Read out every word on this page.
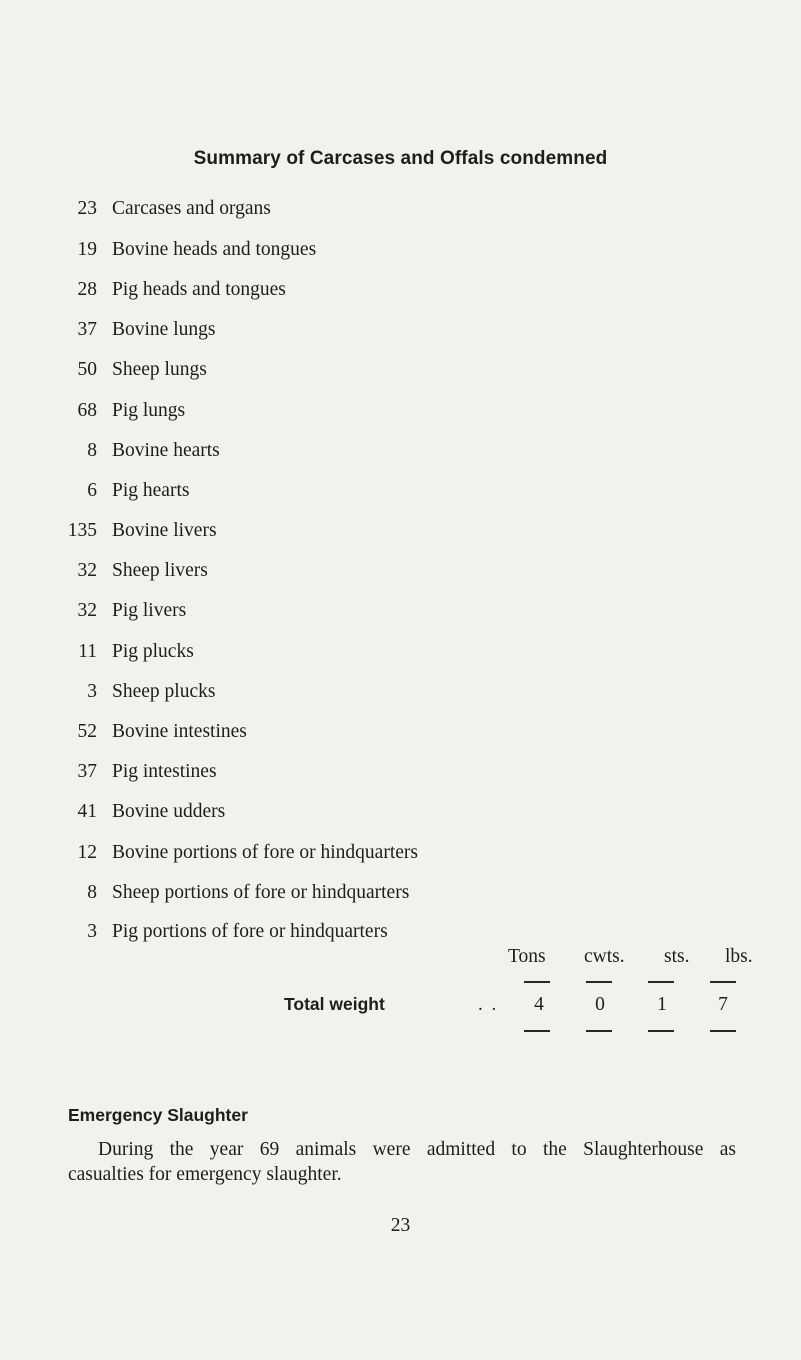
Summary of Carcases and Offals condemned
23 Carcases and organs
19 Bovine heads and tongues
28 Pig heads and tongues
37 Bovine lungs
50 Sheep lungs
68 Pig lungs
8 Bovine hearts
6 Pig hearts
135 Bovine livers
32 Sheep livers
32 Pig livers
11 Pig plucks
3 Sheep plucks
52 Bovine intestines
37 Pig intestines
41 Bovine udders
12 Bovine portions of fore or hindquarters
8 Sheep portions of fore or hindquarters
3 Pig portions of fore or hindquarters
Tons cwts. sts. lbs.
Total weight	. .	4	0	1	7
Emergency Slaughter
During the year 69 animals were admitted to the Slaughterhouse as
casualties for emergency slaughter.
23
